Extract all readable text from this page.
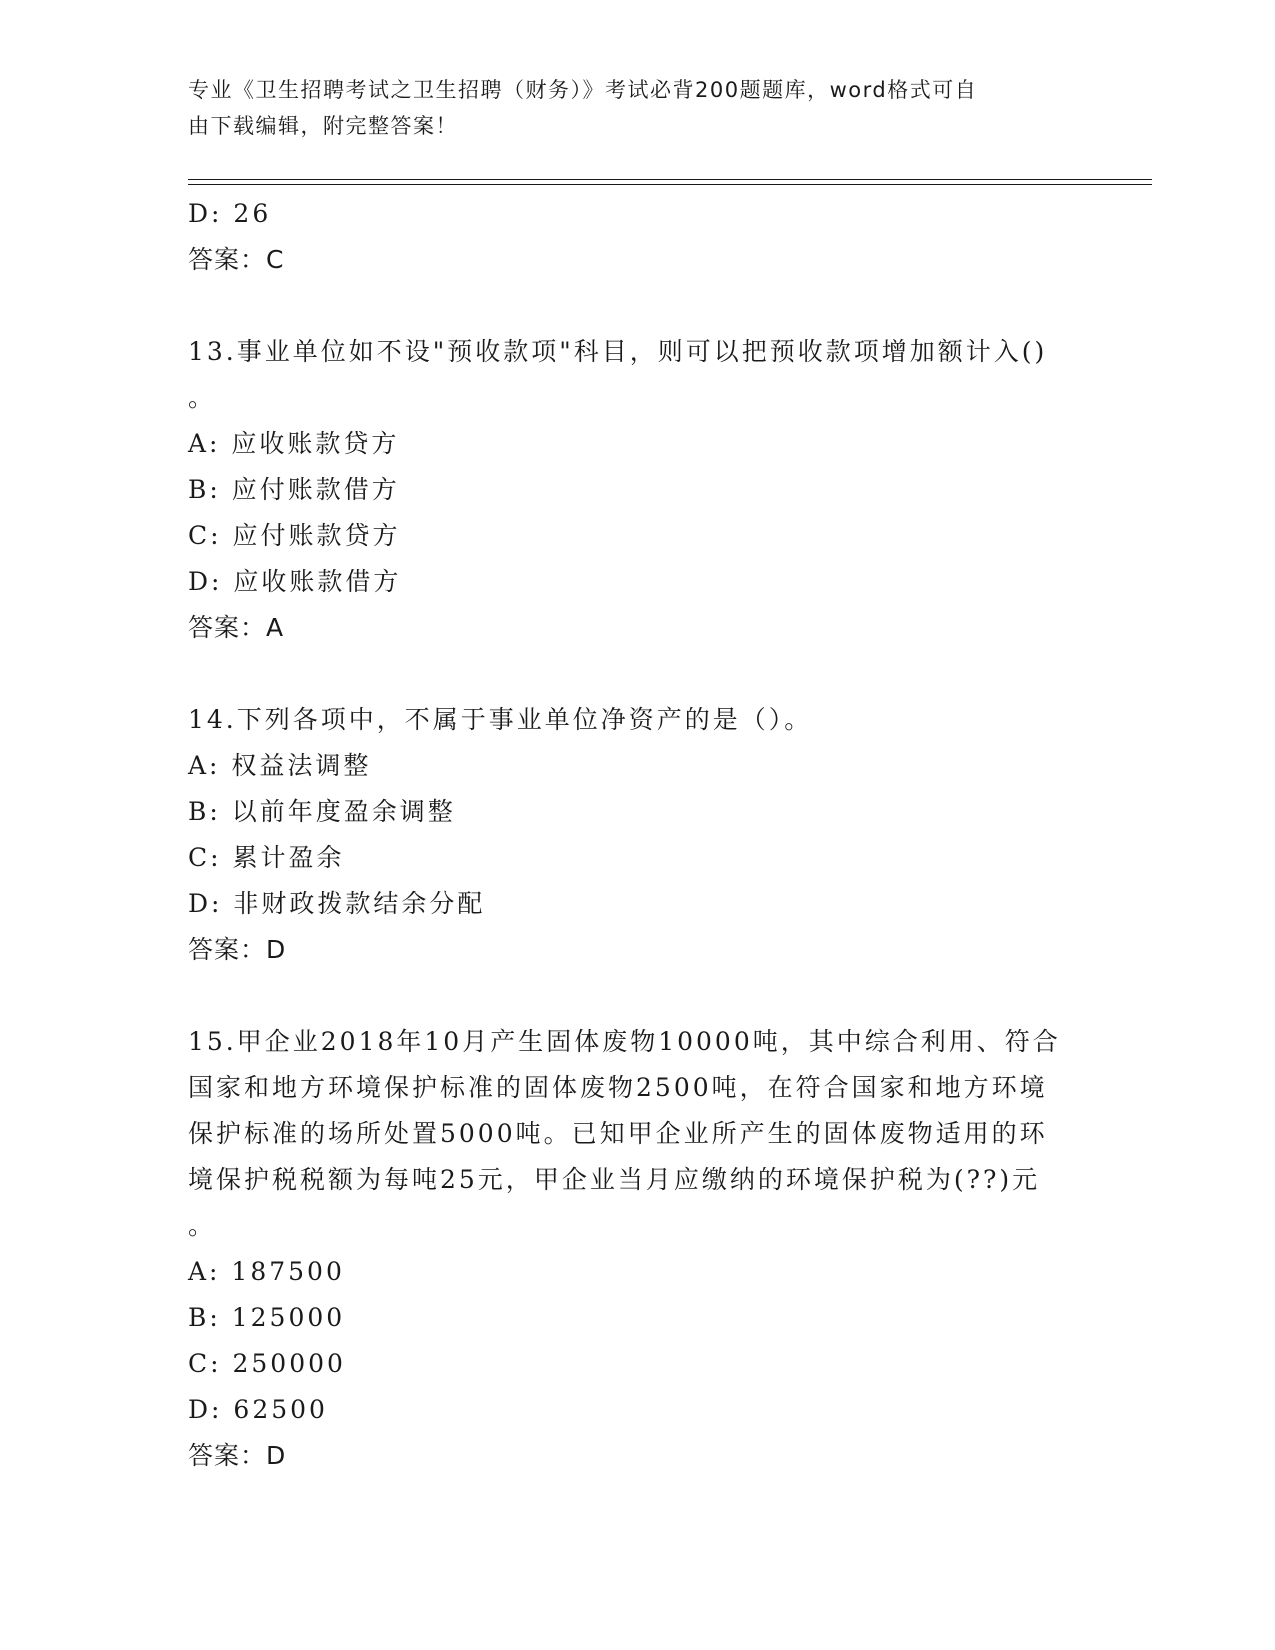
专业《卫生招聘考试之卫生招聘（财务）》考试必背200题题库，word格式可自
由下载编辑，附完整答案！
D: 26
答案：C
13.事业单位如不设"预收款项"科目，则可以把预收款项增加额计入()
。
A: 应收账款贷方
B: 应付账款借方
C: 应付账款贷方
D: 应收账款借方
答案：A
14.下列各项中，不属于事业单位净资产的是（）。
A: 权益法调整
B: 以前年度盈余调整
C: 累计盈余
D: 非财政拨款结余分配
答案：D
15.甲企业2018年10月产生固体废物10000吨，其中综合利用、符合
国家和地方环境保护标准的固体废物2500吨，在符合国家和地方环境
保护标准的场所处置5000吨。已知甲企业所产生的固体废物适用的环
境保护税税额为每吨25元，甲企业当月应缴纳的环境保护税为(??)元
。
A: 187500
B: 125000
C: 250000
D: 62500
答案：D
